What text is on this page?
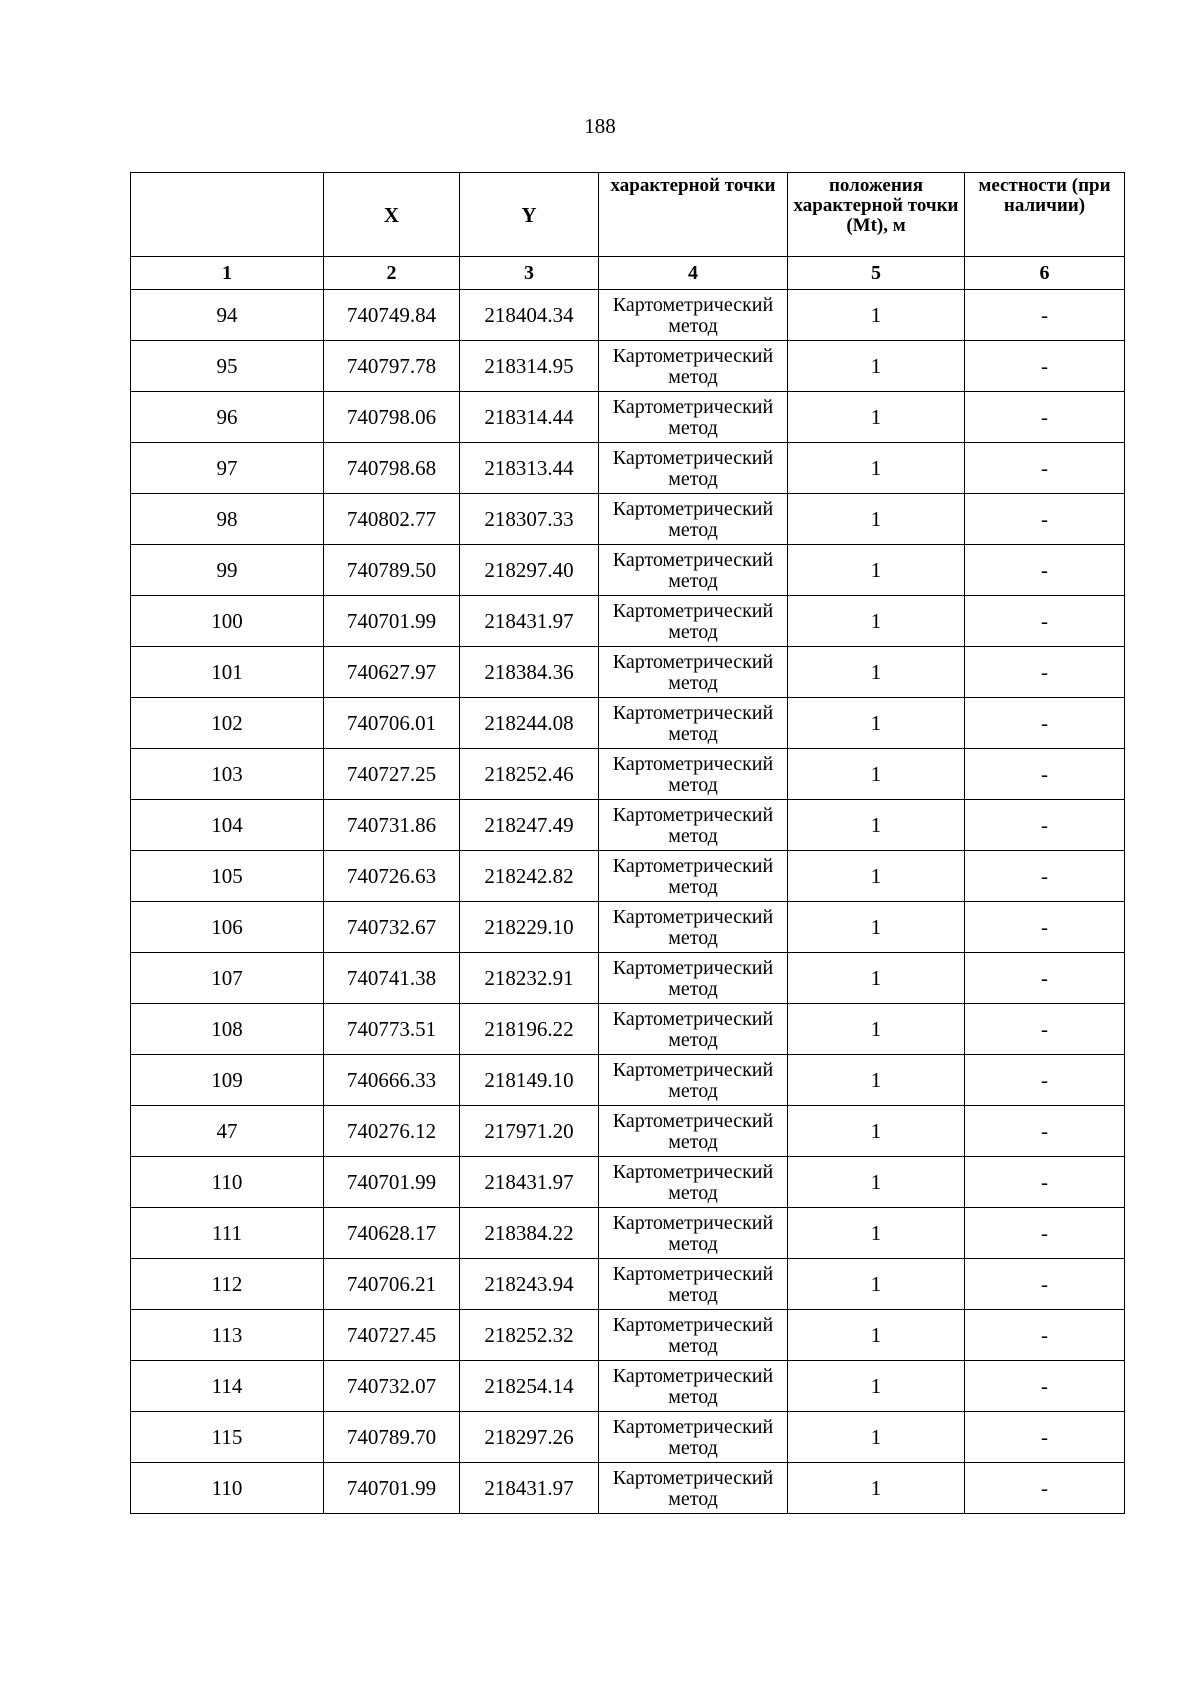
188
	X	Y	характерной точки	положения характерной точки (Mt), м	местности (при наличии)
1	2	3	4	5	6
94	740749.84	218404.34	Картометрический метод	1	-
95	740797.78	218314.95	Картометрический метод	1	-
96	740798.06	218314.44	Картометрический метод	1	-
97	740798.68	218313.44	Картометрический метод	1	-
98	740802.77	218307.33	Картометрический метод	1	-
99	740789.50	218297.40	Картометрический метод	1	-
100	740701.99	218431.97	Картометрический метод	1	-
101	740627.97	218384.36	Картометрический метод	1	-
102	740706.01	218244.08	Картометрический метод	1	-
103	740727.25	218252.46	Картометрический метод	1	-
104	740731.86	218247.49	Картометрический метод	1	-
105	740726.63	218242.82	Картометрический метод	1	-
106	740732.67	218229.10	Картометрический метод	1	-
107	740741.38	218232.91	Картометрический метод	1	-
108	740773.51	218196.22	Картометрический метод	1	-
109	740666.33	218149.10	Картометрический метод	1	-
47	740276.12	217971.20	Картометрический метод	1	-
110	740701.99	218431.97	Картометрический метод	1	-
111	740628.17	218384.22	Картометрический метод	1	-
112	740706.21	218243.94	Картометрический метод	1	-
113	740727.45	218252.32	Картометрический метод	1	-
114	740732.07	218254.14	Картометрический метод	1	-
115	740789.70	218297.26	Картометрический метод	1	-
110	740701.99	218431.97	Картометрический метод	1	-
